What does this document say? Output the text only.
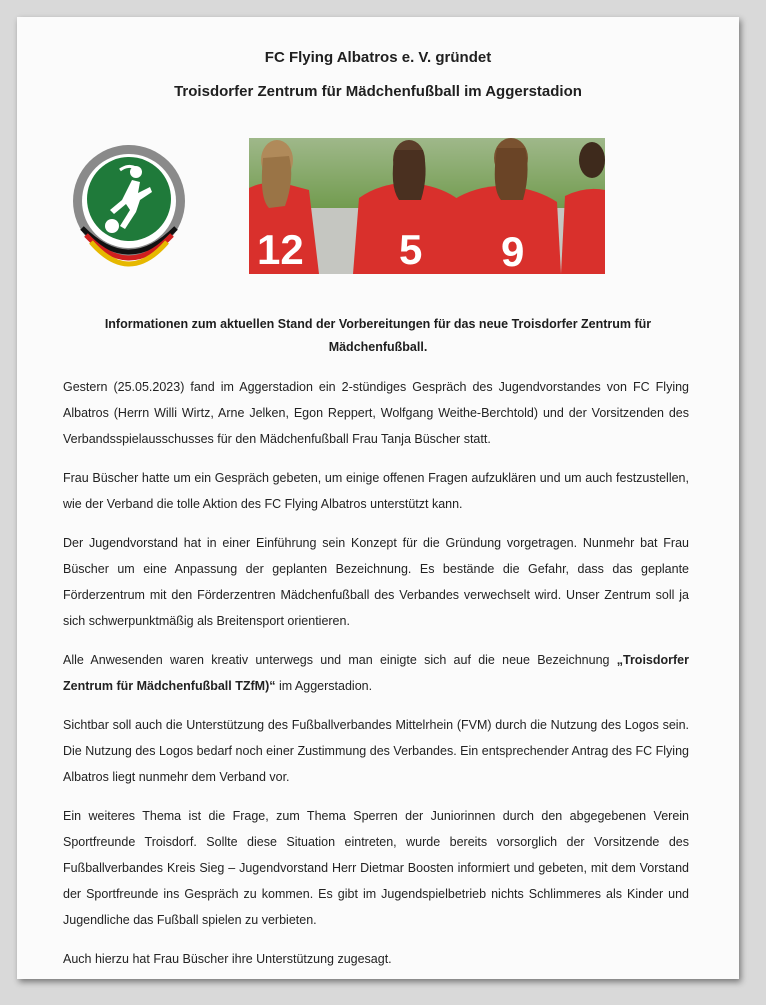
FC Flying Albatros e. V. gründet
Troisdorfer Zentrum für Mädchenfußball im Aggerstadion
12 5 9
Informationen zum aktuellen Stand der Vorbereitungen für das neue Troisdorfer Zentrum für Mädchenfußball.

Gestern (25.05.2023) fand im Aggerstadion ein 2-stündiges Gespräch des Jugendvorstandes von FC Flying Albatros (Herrn Willi Wirtz, Arne Jelken, Egon Reppert, Wolfgang Weithe-Berchtold) und der Vorsitzenden des Verbandsspielausschusses für den Mädchenfußball Frau Tanja Büscher statt.

Frau Büscher hatte um ein Gespräch gebeten, um einige offenen Fragen aufzuklären und um auch festzustellen, wie der Verband die tolle Aktion des FC Flying Albatros unterstützt kann.

Der Jugendvorstand hat in einer Einführung sein Konzept für die Gründung vorgetragen. Nunmehr bat Frau Büscher um eine Anpassung der geplanten Bezeichnung. Es bestände die Gefahr, dass das geplante Förderzentrum mit den Förderzentren Mädchenfußball des Verbandes verwechselt wird. Unser Zentrum soll ja sich schwerpunktmäßig als Breitensport orientieren.

Alle Anwesenden waren kreativ unterwegs und man einigte sich auf die neue Bezeichnung „Troisdorfer Zentrum für Mädchenfußball TZfM)“ im Aggerstadion.

Sichtbar soll auch die Unterstützung des Fußballverbandes Mittelrhein (FVM) durch die Nutzung des Logos sein. Die Nutzung des Logos bedarf noch einer Zustimmung des Verbandes. Ein entsprechender Antrag des FC Flying Albatros liegt nunmehr dem Verband vor.

Ein weiteres Thema ist die Frage, zum Thema Sperren der Juniorinnen durch den abgegebenen Verein Sportfreunde Troisdorf. Sollte diese Situation eintreten, wurde bereits vorsorglich der Vorsitzende des Fußballverbandes Kreis Sieg – Jugendvorstand Herr Dietmar Boosten informiert und gebeten, mit dem Vorstand der Sportfreunde ins Gespräch zu kommen. Es gibt im Jugendspielbetrieb nichts Schlimmeres als Kinder und Jugendliche das Fußball spielen zu verbieten.

Auch hierzu hat Frau Büscher ihre Unterstützung zugesagt.
